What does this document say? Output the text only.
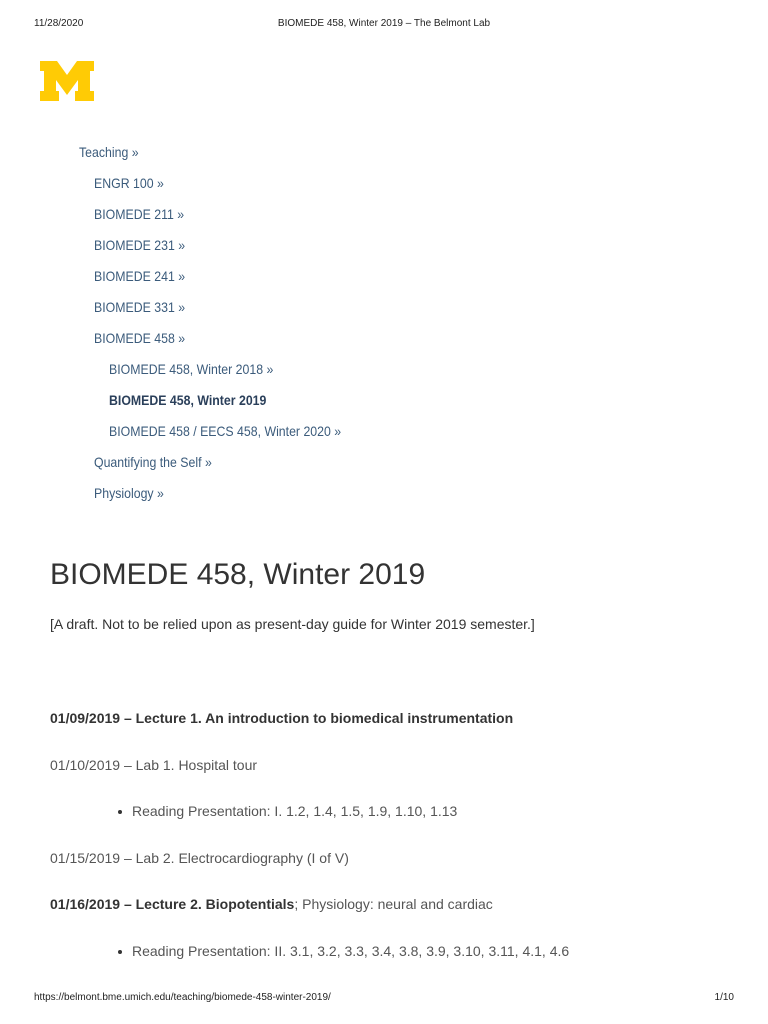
11/28/2020	BIOMEDE 458, Winter 2019 – The Belmont Lab
Teaching »
ENGR 100 »
BIOMEDE 211 »
BIOMEDE 231 »
BIOMEDE 241 »
BIOMEDE 331 »
BIOMEDE 458 »
BIOMEDE 458, Winter 2018 »
BIOMEDE 458, Winter 2019
BIOMEDE 458 / EECS 458, Winter 2020 »
Quantifying the Self »
Physiology »
BIOMEDE 458, Winter 2019

[A draft. Not to be relied upon as present-day guide for Winter 2019 semester.]

01/09/2019 – Lecture 1. An introduction to biomedical instrumentation

01/10/2019 – Lab 1. Hospital tour

Reading Presentation: I. 1.2, 1.4, 1.5, 1.9, 1.10, 1.13

01/15/2019 – Lab 2. Electrocardiography (I of V)

01/16/2019 – Lecture 2. Biopotentials; Physiology: neural and cardiac

Reading Presentation: II. 3.1, 3.2, 3.3, 3.4, 3.8, 3.9, 3.10, 3.11, 4.1, 4.6

https://belmont.bme.umich.edu/teaching/biomede-458-winter-2019/	1/10
